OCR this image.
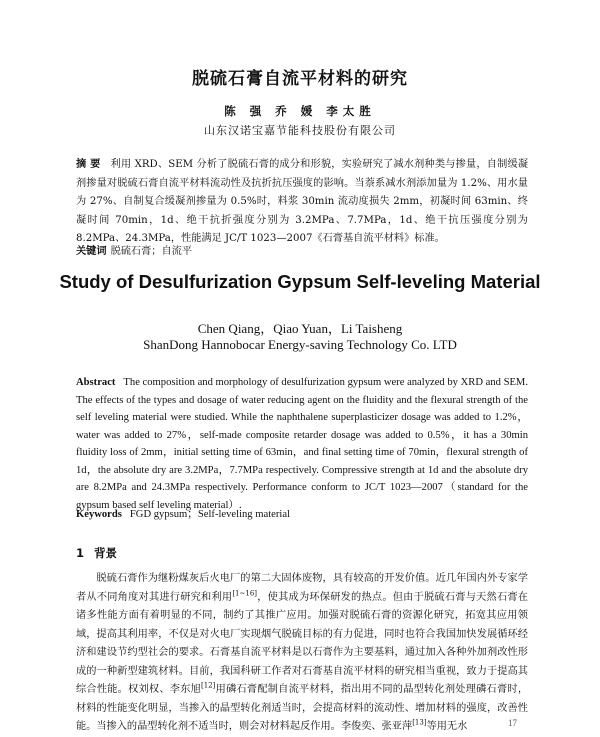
脱硫石膏自流平材料的研究
陈 强 乔 媛 李太胜
山东汉诺宝嘉节能科技股份有限公司
摘 要 利用 XRD、SEM 分析了脱硫石膏的成分和形貌，实验研究了减水剂种类与掺量，自制缓凝剂掺量对脱硫石膏自流平材料流动性及抗折抗压强度的影响。当萘系减水剂添加量为 1.2%、用水量为 27%、自制复合缓凝剂掺量为 0.5%时，料浆 30min 流动度损失 2mm，初凝时间 63min、终凝时间 70min，1d、绝干抗折强度分别为 3.2MPa、7.7MPa，1d、绝干抗压强度分别为 8.2MPa、24.3MPa，性能满足 JC/T 1023—2007《石膏基自流平材料》标准。
关键词 脱硫石膏；自流平
Study of Desulfurization Gypsum Self-leveling Material
Chen Qiang，Qiao Yuan，Li Taisheng
ShanDong Hannobocar Energy-saving Technology Co. LTD
Abstract The composition and morphology of desulfurization gypsum were analyzed by XRD and SEM. The effects of the types and dosage of water reducing agent on the fluidity and the flexural strength of the self leveling material were studied. While the naphthalene superplasticizer dosage was added to 1.2%，water was added to 27%，self-made composite retarder dosage was added to 0.5%，it has a 30min fluidity loss of 2mm，initial setting time of 63min，and final setting time of 70min，flexural strength of 1d，the absolute dry are 3.2MPa，7.7MPa respectively. Compressive strength at 1d and the absolute dry are 8.2MPa and 24.3MPa respectively. Performance conform to JC/T 1023—2007（standard for the gypsum based self leveling material）.
Keywords FGD gypsum；Self-leveling material
1 背景
脱硫石膏作为继粉煤灰后火电厂的第二大固体废物，具有较高的开发价值。近几年国内外专家学者从不同角度对其进行研究和利用[1~16]，使其成为环保研发的热点。但由于脱硫石膏与天然石膏在诸多性能方面有着明显的不同，制约了其推广应用。加强对脱硫石膏的资源化研究，拓宽其应用领域，提高其利用率，不仅是对火电厂实现烟气脱硫目标的有力促进，同时也符合我国加快发展循环经济和建设节约型社会的要求。石膏基自流平材料是以石膏作为主要基料，通过加入各种外加剂改性形成的一种新型建筑材料。目前，我国科研工作者对石膏基自流平材料的研究相当重视，致力于提高其综合性能。权刘权、李东旭[12]用磷石膏配制自流平材料，指出用不同的晶型转化剂处理磷石膏时，材料的性能变化明显，当掺入的晶型转化剂适当时，会提高材料的流动性、增加材料的强度，改善性能。当掺入的晶型转化剂不适当时，则会对材料起反作用。李俊奕、张亚萍[13]等用无水	17
